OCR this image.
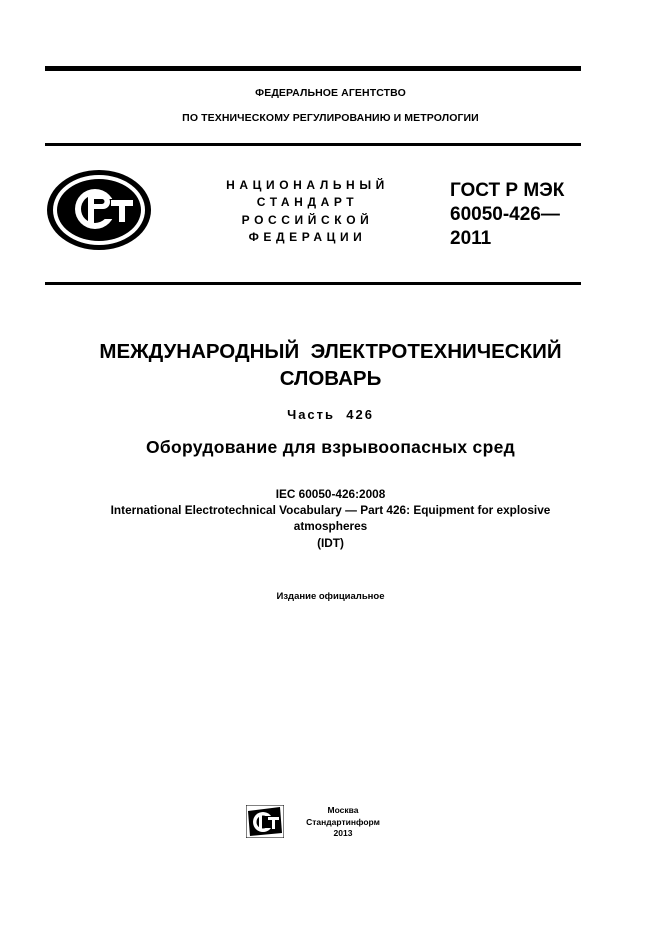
ФЕДЕРАЛЬНОЕ АГЕНТСТВО
ПО ТЕХНИЧЕСКОМУ РЕГУЛИРОВАНИЮ И МЕТРОЛОГИИ
НАЦИОНАЛЬНЫЙ
СТАНДАРТ
РОССИЙСКОЙ
ФЕДЕРАЦИИ
ГОСТ Р МЭК
60050-426—
2011
МЕЖДУНАРОДНЫЙ  ЭЛЕКТРОТЕХНИЧЕСКИЙ
СЛОВАРЬ
Часть  426
Оборудование для взрывоопасных сред
IEC 60050-426:2008
International Electrotechnical Vocabulary — Part 426: Equipment for explosive
atmospheres
(IDT)
Издание официальное
Москва
Стандартинформ
2013
